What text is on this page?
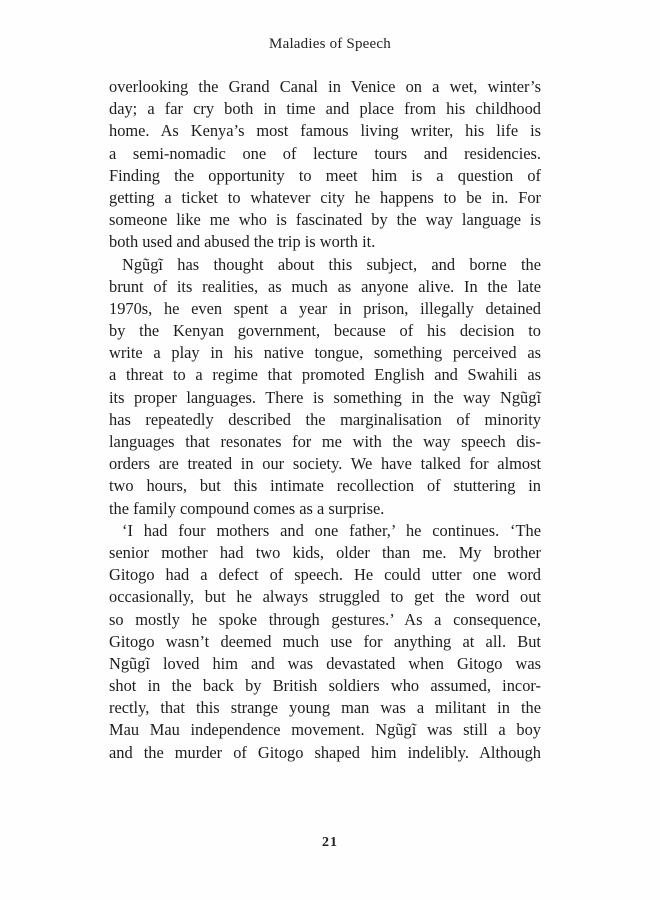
Maladies of Speech
overlooking the Grand Canal in Venice on a wet, winter’s
day; a far cry both in time and place from his childhood
home. As Kenya’s most famous living writer, his life is
a semi-nomadic one of lecture tours and residencies.
Finding the opportunity to meet him is a question of
getting a ticket to whatever city he happens to be in. For
someone like me who is fascinated by the way language is
both used and abused the trip is worth it.
Ngũgĩ has thought about this subject, and borne the
brunt of its realities, as much as anyone alive. In the late
1970s, he even spent a year in prison, illegally detained
by the Kenyan government, because of his decision to
write a play in his native tongue, something perceived as
a threat to a regime that promoted English and Swahili as
its proper languages. There is something in the way Ngũgĩ
has repeatedly described the marginalisation of minority
languages that resonates for me with the way speech dis-
orders are treated in our society. We have talked for almost
two hours, but this intimate recollection of stuttering in
the family compound comes as a surprise.
‘I had four mothers and one father,’ he continues. ‘The
senior mother had two kids, older than me. My brother
Gitogo had a defect of speech. He could utter one word
occasionally, but he always struggled to get the word out
so mostly he spoke through gestures.’ As a consequence,
Gitogo wasn’t deemed much use for anything at all. But
Ngũgĩ loved him and was devastated when Gitogo was
shot in the back by British soldiers who assumed, incor-
rectly, that this strange young man was a militant in the
Mau Mau independence movement. Ngũgĩ was still a boy
and the murder of Gitogo shaped him indelibly. Although
21
